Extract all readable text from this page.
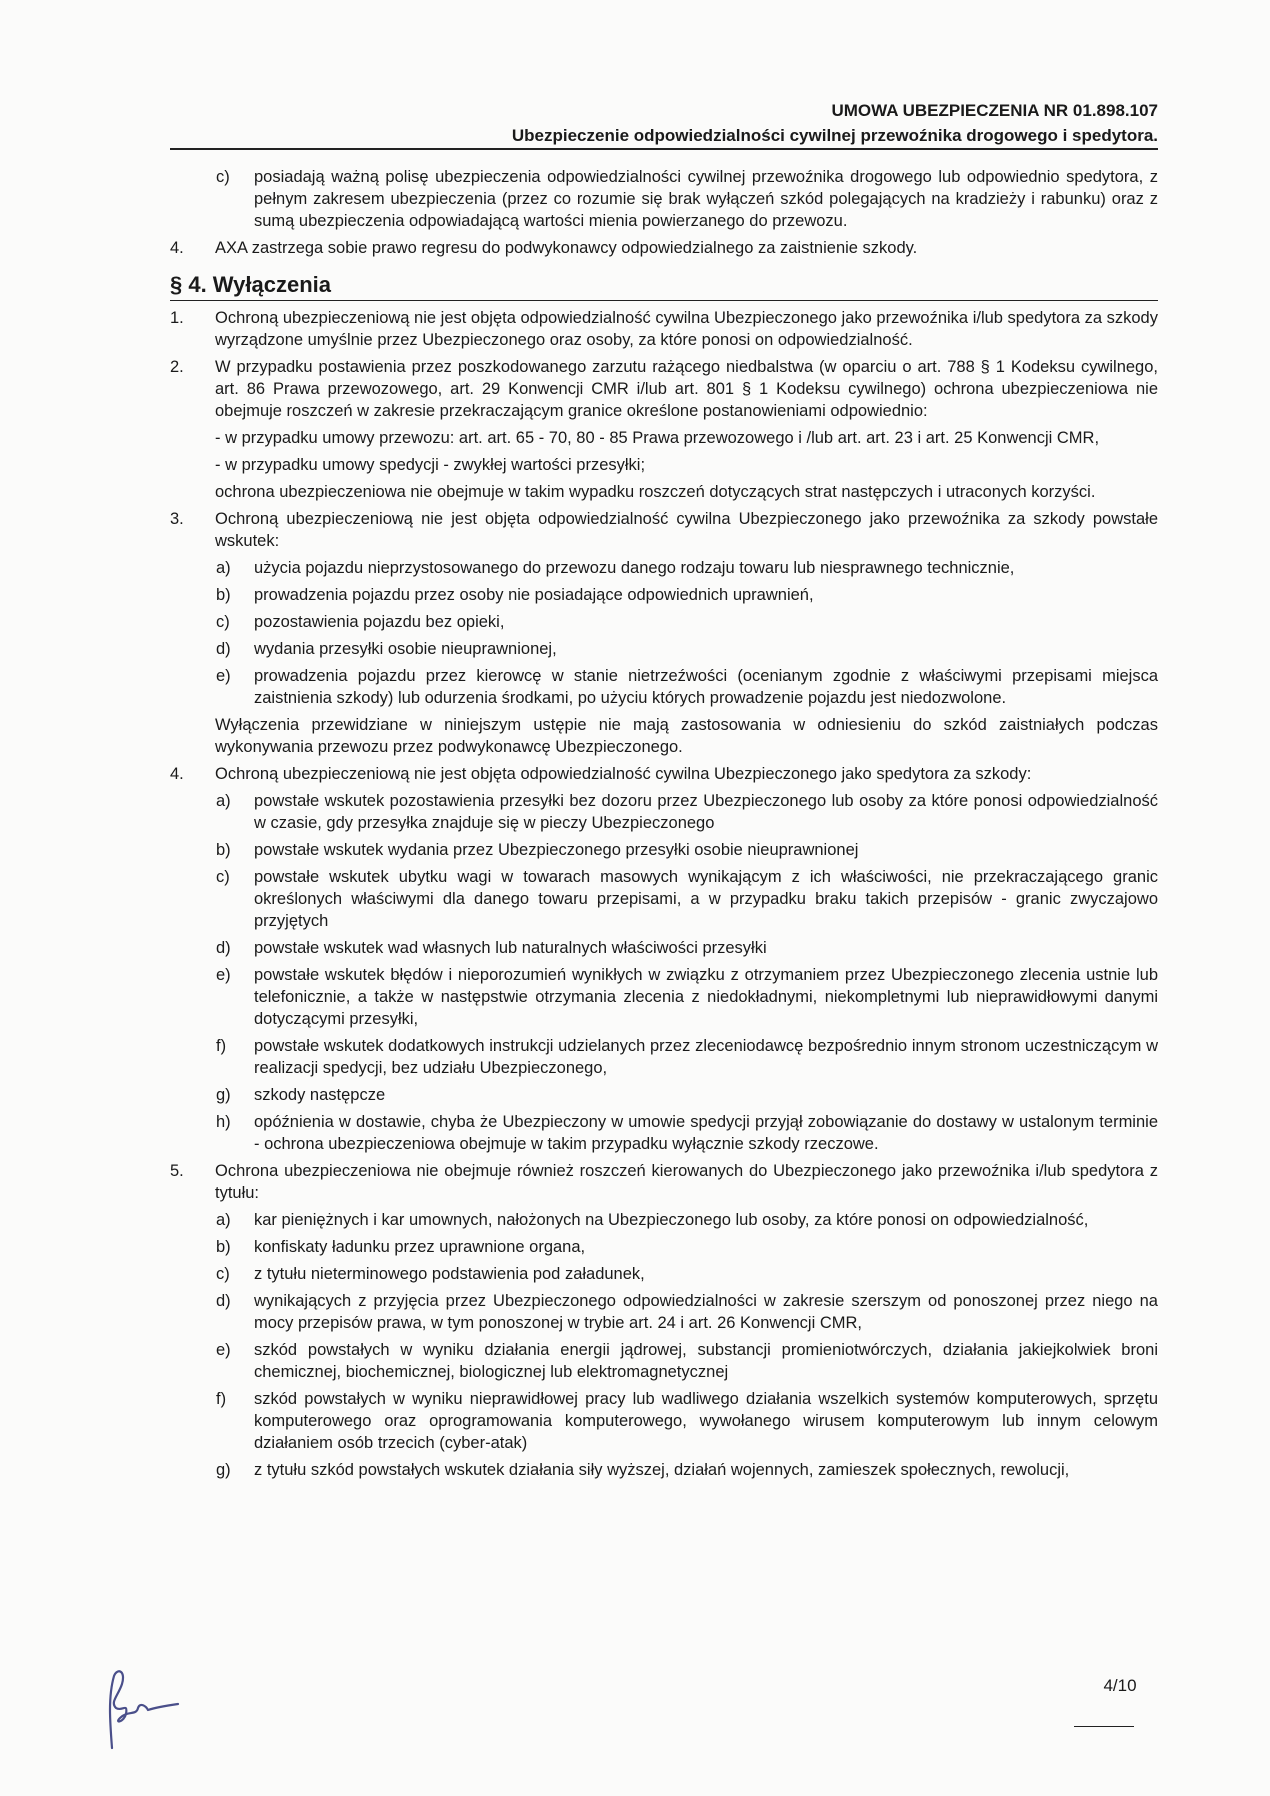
UMOWA UBEZPIECZENIA NR 01.898.107
Ubezpieczenie odpowiedzialności cywilnej przewoźnika drogowego i spedytora.
c)	posiadają ważną polisę ubezpieczenia odpowiedzialności cywilnej przewoźnika drogowego lub odpowiednio spedytora, z pełnym zakresem ubezpieczenia (przez co rozumie się brak wyłączeń szkód polegających na kradzieży i rabunku) oraz z sumą ubezpieczenia odpowiadającą wartości mienia powierzanego do przewozu.
4.	AXA zastrzega sobie prawo regresu do podwykonawcy odpowiedzialnego za zaistnienie szkody.
§ 4. Wyłączenia
1.	Ochroną ubezpieczeniową nie jest objęta odpowiedzialność cywilna Ubezpieczonego jako przewoźnika i/lub spedytora za szkody wyrządzone umyślnie przez Ubezpieczonego oraz osoby, za które ponosi on odpowiedzialność.
2.	W przypadku postawienia przez poszkodowanego zarzutu rażącego niedbalstwa (w oparciu o art. 788 § 1 Kodeksu cywilnego, art. 86 Prawa przewozowego, art. 29 Konwencji CMR i/lub art. 801 § 1 Kodeksu cywilnego) ochrona ubezpieczeniowa nie obejmuje roszczeń w zakresie przekraczającym granice określone postanowieniami odpowiednio:
- w przypadku umowy przewozu: art. art. 65 - 70, 80 - 85 Prawa przewozowego i /lub art. art. 23 i art. 25 Konwencji CMR,
- w przypadku umowy spedycji - zwykłej wartości przesyłki;
ochrona ubezpieczeniowa nie obejmuje w takim wypadku roszczeń dotyczących strat następczych i utraconych korzyści.
3.	Ochroną ubezpieczeniową nie jest objęta odpowiedzialność cywilna Ubezpieczonego jako przewoźnika za szkody powstałe wskutek:
a)	użycia pojazdu nieprzystosowanego do przewozu danego rodzaju towaru lub niesprawnego technicznie,
b)	prowadzenia pojazdu przez osoby nie posiadające odpowiednich uprawnień,
c)	pozostawienia pojazdu bez opieki,
d)	wydania przesyłki osobie nieuprawnionej,
e)	prowadzenia pojazdu przez kierowcę w stanie nietrzeźwości (ocenianym zgodnie z właściwymi przepisami miejsca zaistnienia szkody) lub odurzenia środkami, po użyciu których prowadzenie pojazdu jest niedozwolone.
Wyłączenia przewidziane w niniejszym ustępie nie mają zastosowania w odniesieniu do szkód zaistniałych podczas wykonywania przewozu przez podwykonawcę Ubezpieczonego.
4.	Ochroną ubezpieczeniową nie jest objęta odpowiedzialność cywilna Ubezpieczonego jako spedytora za szkody:
a)	powstałe wskutek pozostawienia przesyłki bez dozoru przez Ubezpieczonego lub osoby za które ponosi odpowiedzialność w czasie, gdy przesyłka znajduje się w pieczy Ubezpieczonego
b)	powstałe wskutek wydania przez Ubezpieczonego przesyłki osobie nieuprawnionej
c)	powstałe wskutek ubytku wagi w towarach masowych wynikającym z ich właściwości, nie przekraczającego granic określonych właściwymi dla danego towaru przepisami, a w przypadku braku takich przepisów - granic zwyczajowo przyjętych
d)	powstałe wskutek wad własnych lub naturalnych właściwości przesyłki
e)	powstałe wskutek błędów i nieporozumień wynikłych w związku z otrzymaniem przez Ubezpieczonego zlecenia ustnie lub telefonicznie, a także w następstwie otrzymania zlecenia z niedokładnymi, niekompletnymi lub nieprawidłowymi danymi dotyczącymi przesyłki,
f)	powstałe wskutek dodatkowych instrukcji udzielanych przez zleceniodawcę bezpośrednio innym stronom uczestniczącym w realizacji spedycji, bez udziału Ubezpieczonego,
g)	szkody następcze
h)	opóźnienia w dostawie, chyba że Ubezpieczony w umowie spedycji przyjął zobowiązanie do dostawy w ustalonym terminie - ochrona ubezpieczeniowa obejmuje w takim przypadku wyłącznie szkody rzeczowe.
5.	Ochrona ubezpieczeniowa nie obejmuje również roszczeń kierowanych do Ubezpieczonego jako przewoźnika i/lub spedytora z tytułu:
a)	kar pieniężnych i kar umownych, nałożonych na Ubezpieczonego lub osoby, za które ponosi on odpowiedzialność,
b)	konfiskaty ładunku przez uprawnione organa,
c)	z tytułu nieterminowego podstawienia pod załadunek,
d)	wynikających z przyjęcia przez Ubezpieczonego odpowiedzialności w zakresie szerszym od ponoszonej przez niego na mocy przepisów prawa, w tym ponoszonej w trybie art. 24 i art. 26 Konwencji CMR,
e)	szkód powstałych w wyniku działania energii jądrowej, substancji promieniotwórczych, działania jakiejkolwiek broni chemicznej, biochemicznej, biologicznej lub elektromagnetycznej
f)	szkód powstałych w wyniku nieprawidłowej pracy lub wadliwego działania wszelkich systemów komputerowych, sprzętu komputerowego oraz oprogramowania komputerowego, wywołanego wirusem komputerowym lub innym celowym działaniem osób trzecich (cyber-atak)
g)	z tytułu szkód powstałych wskutek działania siły wyższej, działań wojennych, zamieszek społecznych, rewolucji,
4/10
